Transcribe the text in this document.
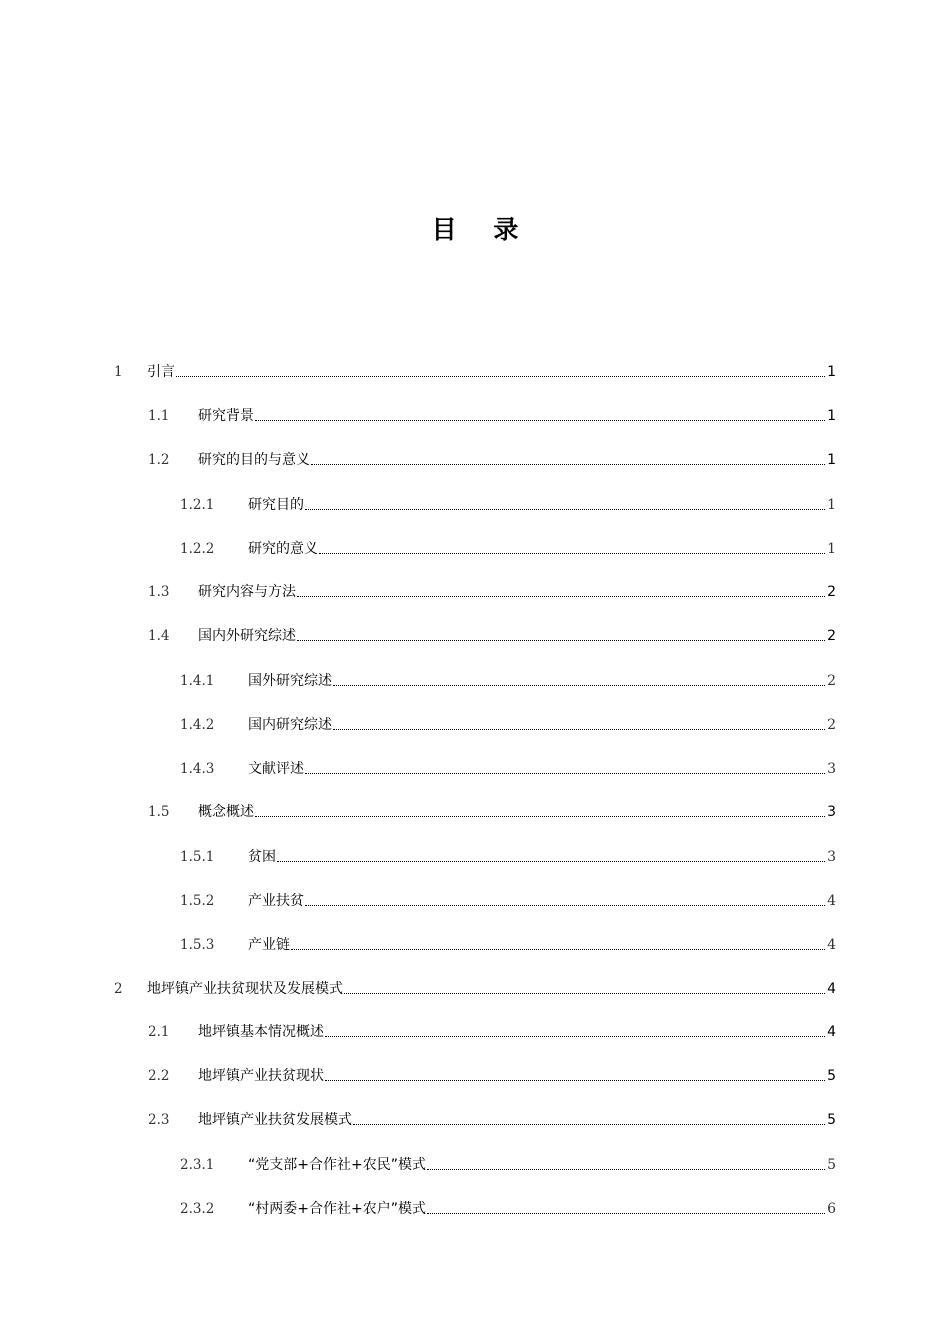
目 录
1	引言	1
1.1	研究背景	1
1.2	研究的目的与意义	1
1.2.1	研究目的	1
1.2.2	研究的意义	1
1.3	研究内容与方法	2
1.4	国内外研究综述	2
1.4.1	国外研究综述	2
1.4.2	国内研究综述	2
1.4.3	文献评述	3
1.5	概念概述	3
1.5.1	贫困	3
1.5.2	产业扶贫	4
1.5.3	产业链	4
2	地坪镇产业扶贫现状及发展模式	4
2.1	地坪镇基本情况概述	4
2.2	地坪镇产业扶贫现状	5
2.3	地坪镇产业扶贫发展模式	5
2.3.1	“党支部+合作社+农民”模式	5
2.3.2	“村两委+合作社+农户”模式	6
